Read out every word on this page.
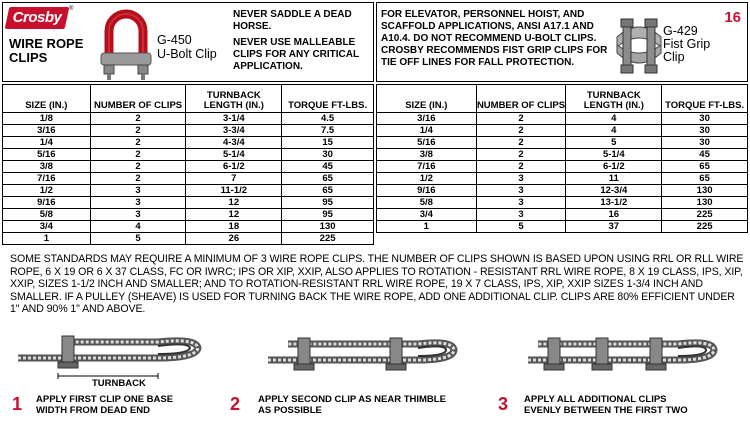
Crosby	®
WIRE ROPE
CLIPS
G-450
U-Bolt Clip

NEVER SADDLE A DEAD HORSE.

NEVER USE MALLEABLE CLIPS FOR ANY CRITICAL APPLICATION.

FOR ELEVATOR, PERSONNEL HOIST, AND SCAFFOLD APPLICATIONS, ANSI A17.1 AND A10.4. DO NOT RECOMMEND U-BOLT CLIPS. CROSBY RECOMMENDS FIST GRIP CLIPS FOR TIE OFF LINES FOR FALL PROTECTION.
G-429
Fist Grip
Clip
16
SIZE (IN.)	NUMBER OF CLIPS	TURNBACK LENGTH (IN.)	TORQUE FT-LBS.
1/8	2	3-1/4	4.5
3/16	2	3-3/4	7.5
1/4	2	4-3/4	15
5/16	2	5-1/4	30
3/8	2	6-1/2	45
7/16	2	7	65
1/2	3	11-1/2	65
9/16	3	12	95
5/8	3	12	95
3/4	4	18	130
1	5	26	225
SIZE (IN.)	NUMBER OF CLIPS	TURNBACK LENGTH (IN.)	TORQUE FT-LBS.
3/16	2	4	30
1/4	2	4	30
5/16	2	5	30
3/8	2	5-1/4	45
7/16	2	6-1/2	65
1/2	3	11	65
9/16	3	12-3/4	130
5/8	3	13-1/2	130
3/4	3	16	225
1	5	37	225
SOME STANDARDS MAY REQUIRE A MINIMUM OF 3 WIRE ROPE CLIPS. THE NUMBER OF CLIPS SHOWN IS BASED UPON USING RRL OR RLL WIRE ROPE, 6 X 19 OR 6 X 37 CLASS, FC OR IWRC; IPS OR XIP, XXIP, ALSO APPLIES TO ROTATION - RESISTANT RRL WIRE ROPE, 8 X 19 CLASS, IPS, XIP, XXIP, SIZES 1-1/2 INCH AND SMALLER; AND TO ROTATION-RESISTANT RRL WIRE ROPE, 19 X 7 CLASS, IPS, XIP, XXIP SIZES 1-3/4 INCH AND SMALLER. IF A PULLEY (SHEAVE) IS USED FOR TURNING BACK THE WIRE ROPE, ADD ONE ADDITIONAL CLIP. CLIPS ARE 80% EFFICIENT UNDER 1" AND 90% 1" AND ABOVE.
TURNBACK
1 APPLY FIRST CLIP ONE BASE
WIDTH FROM DEAD END	2 APPLY SECOND CLIP AS NEAR THIMBLE
AS POSSIBLE	3 APPLY ALL ADDITIONAL CLIPS
EVENLY BETWEEN THE FIRST TWO
